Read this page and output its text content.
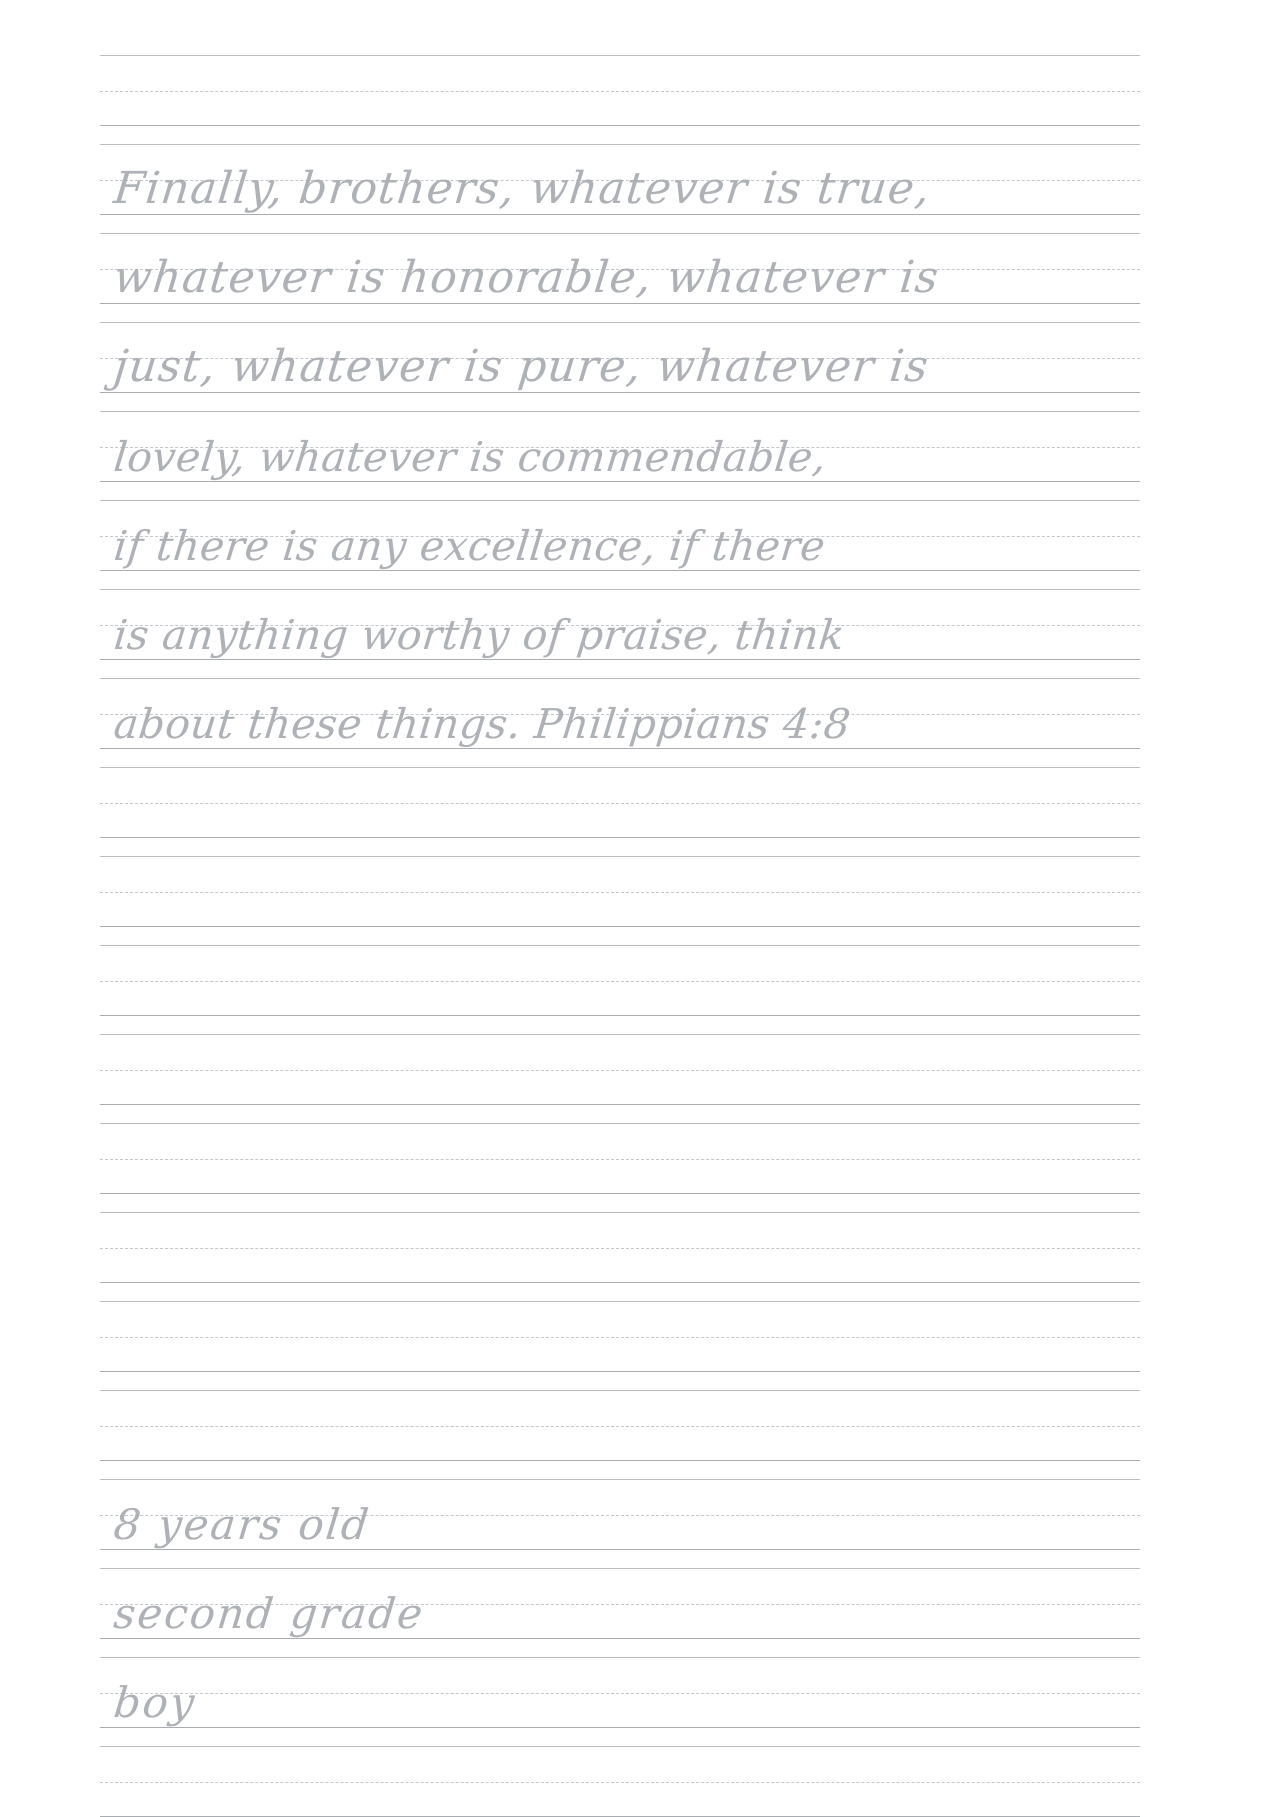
Finally, brothers, whatever is true,
whatever is honorable, whatever is
just, whatever is pure, whatever is
lovely, whatever is commendable,
if there is any excellence, if there
is anything worthy of praise, think
about these things. Philippians 4:8
8 years old
second grade
boy
